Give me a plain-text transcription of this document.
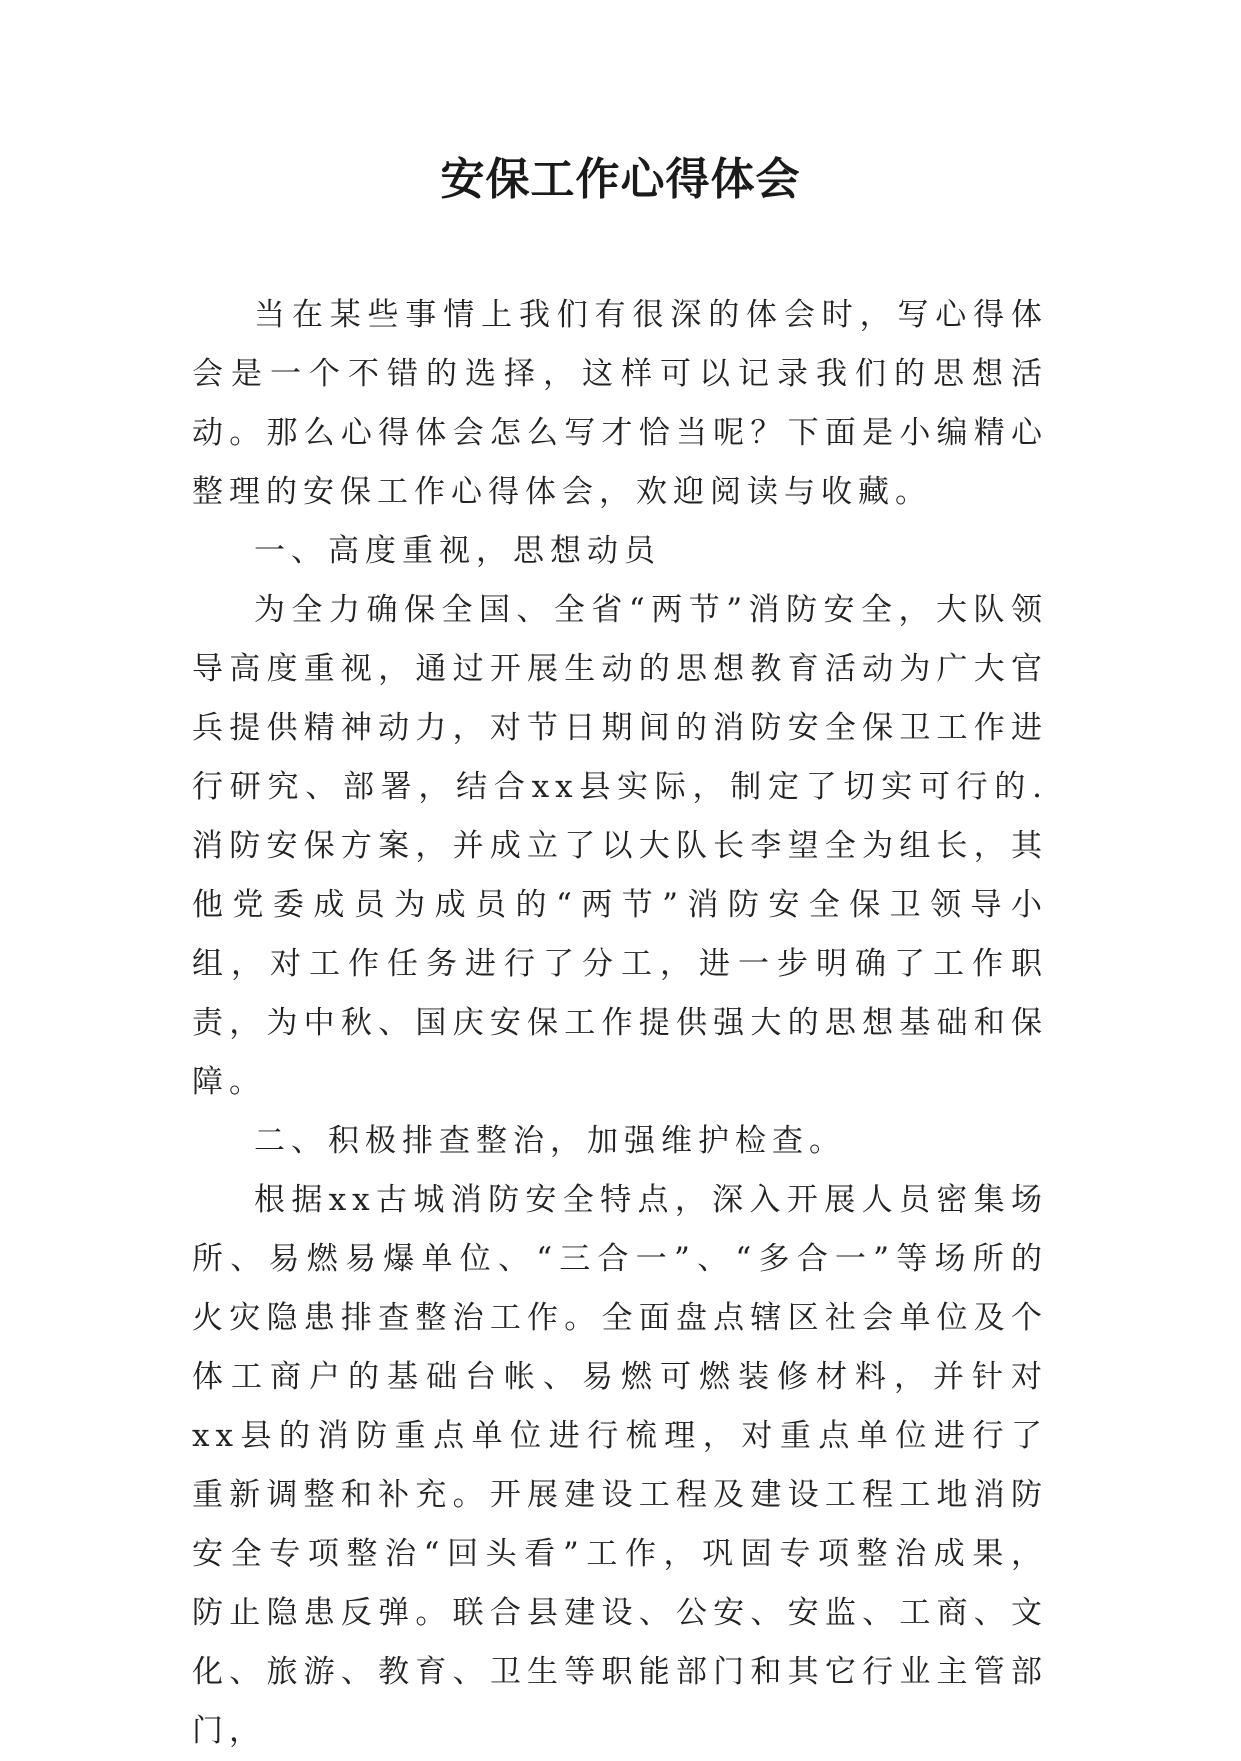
安保工作心得体会

当在某些事情上我们有很深的体会时，写心得体会是一个不错的选择，这样可以记录我们的思想活动。那么心得体会怎么写才恰当呢？下面是小编精心整理的安保工作心得体会，欢迎阅读与收藏。

一、高度重视，思想动员

为全力确保全国、全省“两节”消防安全，大队领导高度重视，通过开展生动的思想教育活动为广大官兵提供精神动力，对节日期间的消防安全保卫工作进行研究、部署，结合xx县实际，制定了切实可行的.消防安保方案，并成立了以大队长李望全为组长，其他党委成员为成员的“两节”消防安全保卫领导小组，对工作任务进行了分工，进一步明确了工作职责，为中秋、国庆安保工作提供强大的思想基础和保障。

二、积极排查整治，加强维护检查。

根据xx古城消防安全特点，深入开展人员密集场所、易燃易爆单位、“三合一”、“多合一”等场所的火灾隐患排查整治工作。全面盘点辖区社会单位及个体工商户的基础台帐、易燃可燃装修材料，并针对xx县的消防重点单位进行梳理，对重点单位进行了重新调整和补充。开展建设工程及建设工程工地消防安全专项整治“回头看”工作，巩固专项整治成果，防止隐患反弹。联合县建设、公安、安监、工商、文化、旅游、教育、卫生等职能部门和其它行业主管部门，
